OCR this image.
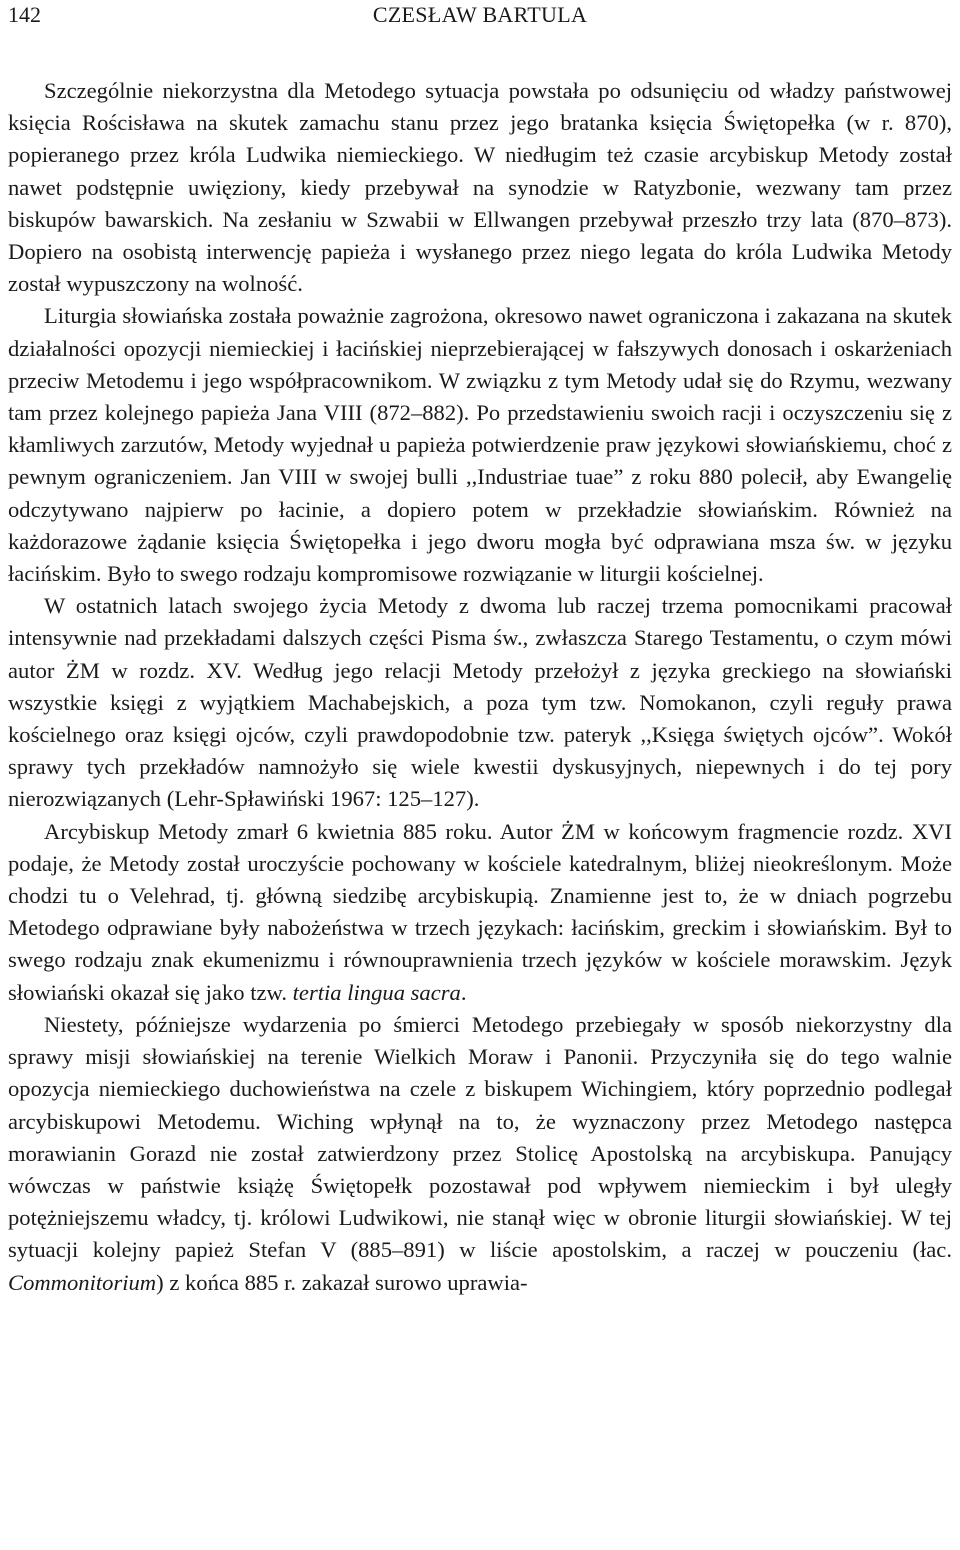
142	CZESŁAW BARTULA

Szczególnie niekorzystna dla Metodego sytuacja powstała po odsunięciu od władzy państwowej księcia Rościsława na skutek zamachu stanu przez jego bratanka księcia Świętopełka (w r. 870), popieranego przez króla Ludwika niemieckiego. W niedługim też czasie arcybiskup Metody został nawet podstępnie uwięziony, kiedy przebywał na synodzie w Ratyzbonie, wezwany tam przez biskupów bawarskich. Na zesłaniu w Szwabii w Ellwangen przebywał przeszło trzy lata (870–873). Dopiero na osobistą interwencję papieża i wysłanego przez niego legata do króla Ludwika Metody został wypuszczony na wolność.

Liturgia słowiańska została poważnie zagrożona, okresowo nawet ograniczona i zakazana na skutek działalności opozycji niemieckiej i łacińskiej nieprzebierającej w fałszywych donosach i oskarżeniach przeciw Metodemu i jego współpracownikom. W związku z tym Metody udał się do Rzymu, wezwany tam przez kolejnego papieża Jana VIII (872–882). Po przedstawieniu swoich racji i oczyszczeniu się z kłamliwych zarzutów, Metody wyjednał u papieża potwierdzenie praw językowi słowiańskiemu, choć z pewnym ograniczeniem. Jan VIII w swojej bulli ,,Industriae tuae” z roku 880 polecił, aby Ewangelię odczytywano najpierw po łacinie, a dopiero potem w przekładzie słowiańskim. Również na każdorazowe żądanie księcia Świętopełka i jego dworu mogła być odprawiana msza św. w języku łacińskim. Było to swego rodzaju kompromisowe rozwiązanie w liturgii kościelnej.

W ostatnich latach swojego życia Metody z dwoma lub raczej trzema pomocnikami pracował intensywnie nad przekładami dalszych części Pisma św., zwłaszcza Starego Testamentu, o czym mówi autor ŻM w rozdz. XV. Według jego relacji Metody przełożył z języka greckiego na słowiański wszystkie księgi z wyjątkiem Machabejskich, a poza tym tzw. Nomokanon, czyli reguły prawa kościelnego oraz księgi ojców, czyli prawdopodobnie tzw. pateryk ,,Księga świętych ojców”. Wokół sprawy tych przekładów namnożyło się wiele kwestii dyskusyjnych, niepewnych i do tej pory nierozwiązanych (Lehr-Spławiński 1967: 125–127).

Arcybiskup Metody zmarł 6 kwietnia 885 roku. Autor ŻM w końcowym fragmencie rozdz. XVI podaje, że Metody został uroczyście pochowany w kościele katedralnym, bliżej nieokreślonym. Może chodzi tu o Velehrad, tj. główną siedzibę arcybiskupią. Znamienne jest to, że w dniach pogrzebu Metodego odprawiane były nabożeństwa w trzech językach: łacińskim, greckim i słowiańskim. Był to swego rodzaju znak ekumenizmu i równouprawnienia trzech języków w kościele morawskim. Język słowiański okazał się jako tzw. tertia lingua sacra.

Niestety, późniejsze wydarzenia po śmierci Metodego przebiegały w sposób niekorzystny dla sprawy misji słowiańskiej na terenie Wielkich Moraw i Panonii. Przyczyniła się do tego walnie opozycja niemieckiego duchowieństwa na czele z biskupem Wichingiem, który poprzednio podlegał arcybiskupowi Metodemu. Wiching wpłynął na to, że wyznaczony przez Metodego następca morawianin Gorazd nie został zatwierdzony przez Stolicę Apostolską na arcybiskupa. Panujący wówczas w państwie książę Świętopełk pozostawał pod wpływem niemieckim i był uległy potężniejszemu władcy, tj. królowi Ludwikowi, nie stanął więc w obronie liturgii słowiańskiej. W tej sytuacji kolejny papież Stefan V (885–891) w liście apostolskim, a raczej w pouczeniu (łac. Commonitorium) z końca 885 r. zakazał surowo uprawia-
